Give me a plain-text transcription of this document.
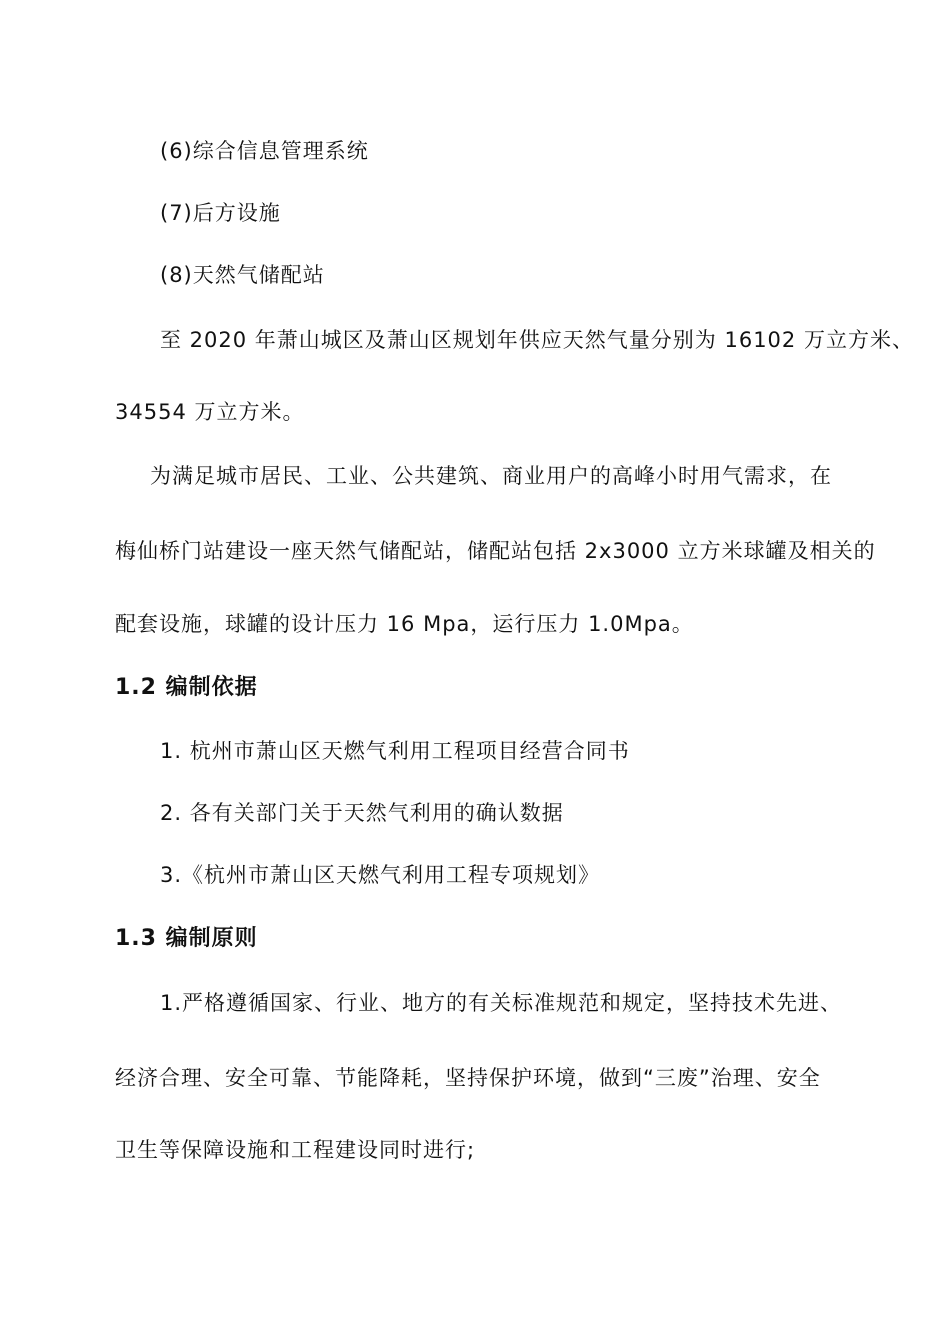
(6)综合信息管理系统

(7)后方设施

(8)天然气储配站

至 2020 年萧山城区及萧山区规划年供应天然气量分别为 16102 万立方米、

34554 万立方米。

为满足城市居民、工业、公共建筑、商业用户的高峰小时用气需求，在

梅仙桥门站建设一座天然气储配站，储配站包括 2x3000 立方米球罐及相关的

配套设施，球罐的设计压力 16 Mpa，运行压力 1.0Mpa。

1.2 编制依据

1. 杭州市萧山区天燃气利用工程项目经营合同书

2. 各有关部门关于天然气利用的确认数据

3.《杭州市萧山区天燃气利用工程专项规划》

1.3 编制原则

1.严格遵循国家、行业、地方的有关标准规范和规定，坚持技术先进、

经济合理、安全可靠、节能降耗，坚持保护环境，做到“三废”治理、安全

卫生等保障设施和工程建设同时进行;
